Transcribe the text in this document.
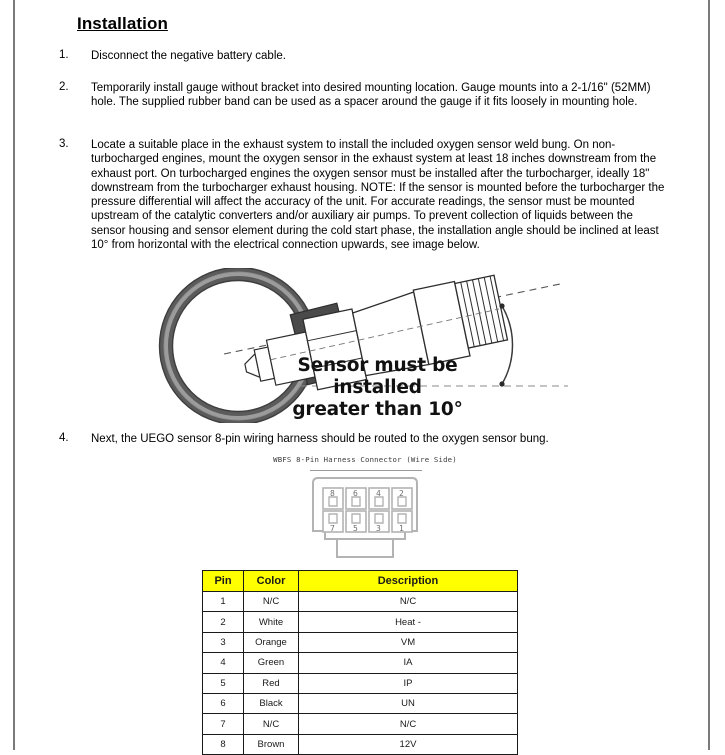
Installation
1.	Disconnect the negative battery cable.
2.	Temporarily install gauge without bracket into desired mounting location. Gauge mounts into a 2-1/16" (52MM) hole. The supplied rubber band can be used as a spacer around the gauge if it fits loosely in mounting hole.
3.	Locate a suitable place in the exhaust system to install the included oxygen sensor weld bung. On non-turbocharged engines, mount the oxygen sensor in the exhaust system at least 18 inches downstream from the exhaust port. On turbocharged engines the oxygen sensor must be installed after the turbocharger, ideally 18" downstream from the turbocharger exhaust housing. NOTE: If the sensor is mounted before the turbocharger the pressure differential will affect the accuracy of the unit. For accurate readings, the sensor must be mounted upstream of the catalytic converters and/or auxiliary air pumps. To prevent collection of liquids between the sensor housing and sensor element during the cold start phase, the installation angle should be inclined at least 10° from horizontal with the electrical connection upwards, see image below.
Sensor must be installed
greater than 10°
4.	Next, the UEGO sensor 8-pin wiring harness should be routed to the oxygen sensor bung.
WBFS 8-Pin Harness Connector (Wire Side)
8 6 4 2
7 5 3 1
Pin	Color	Description
1	N/C	N/C
2	White	Heat -
3	Orange	VM
4	Green	IA
5	Red	IP
6	Black	UN
7	N/C	N/C
8	Brown	12V
